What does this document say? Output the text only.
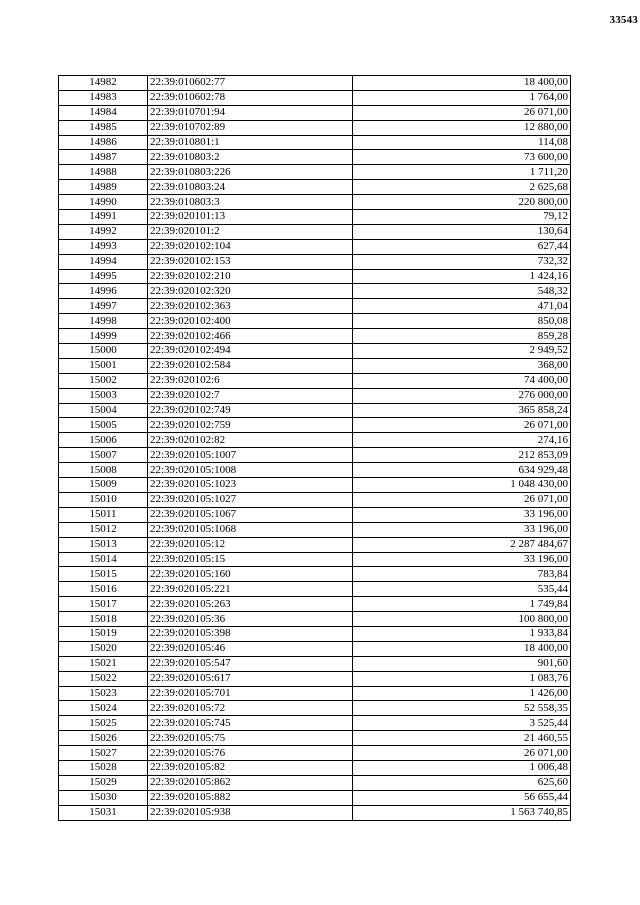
33543
14982	22:39:010602:77	18 400,00
14983	22:39:010602:78	1 764,00
14984	22:39:010701:94	26 071,00
14985	22:39:010702:89	12 880,00
14986	22:39:010801:1	114,08
14987	22:39:010803:2	73 600,00
14988	22:39:010803:226	1 711,20
14989	22:39:010803:24	2 625,68
14990	22:39:010803:3	220 800,00
14991	22:39:020101:13	79,12
14992	22:39:020101:2	130,64
14993	22:39:020102:104	627,44
14994	22:39:020102:153	732,32
14995	22:39:020102:210	1 424,16
14996	22:39:020102:320	548,32
14997	22:39:020102:363	471,04
14998	22:39:020102:400	850,08
14999	22:39:020102:466	859,28
15000	22:39:020102:494	2 949,52
15001	22:39:020102:584	368,00
15002	22:39:020102:6	74 400,00
15003	22:39:020102:7	276 000,00
15004	22:39:020102:749	365 858,24
15005	22:39:020102:759	26 071,00
15006	22:39:020102:82	274,16
15007	22:39:020105:1007	212 853,09
15008	22:39:020105:1008	634 929,48
15009	22:39:020105:1023	1 048 430,00
15010	22:39:020105:1027	26 071,00
15011	22:39:020105:1067	33 196,00
15012	22:39:020105:1068	33 196,00
15013	22:39:020105:12	2 287 484,67
15014	22:39:020105:15	33 196,00
15015	22:39:020105:160	783,84
15016	22:39:020105:221	535,44
15017	22:39:020105:263	1 749,84
15018	22:39:020105:36	100 800,00
15019	22:39:020105:398	1 933,84
15020	22:39:020105:46	18 400,00
15021	22:39:020105:547	901,60
15022	22:39:020105:617	1 083,76
15023	22:39:020105:701	1 426,00
15024	22:39:020105:72	52 558,35
15025	22:39:020105:745	3 525,44
15026	22:39:020105:75	21 460,55
15027	22:39:020105:76	26 071,00
15028	22:39:020105:82	1 006,48
15029	22:39:020105:862	625,60
15030	22:39:020105:882	56 655,44
15031	22:39:020105:938	1 563 740,85
